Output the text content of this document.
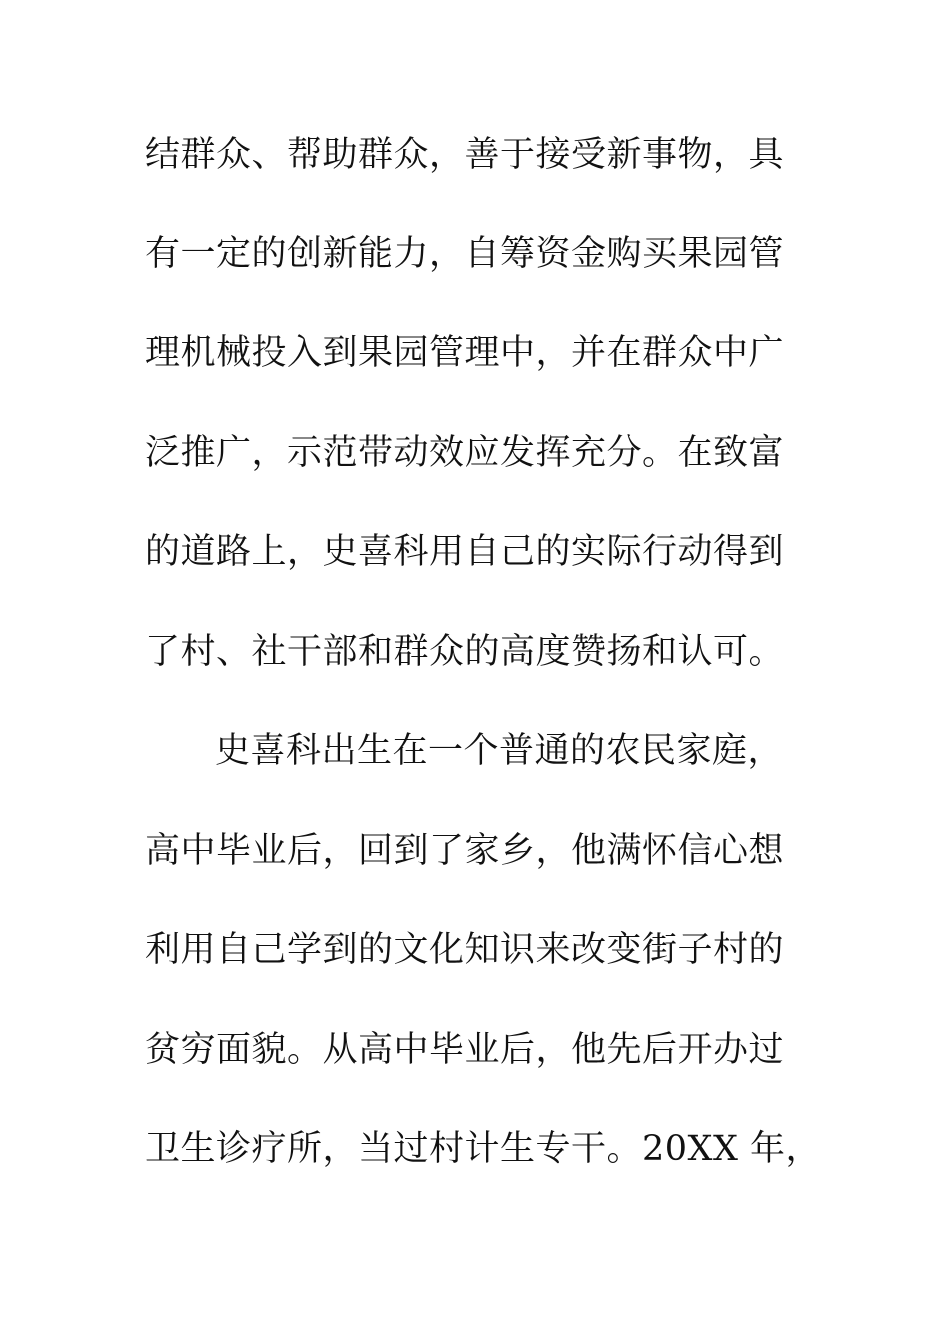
结群众、帮助群众，善于接受新事物，具
有一定的创新能力，自筹资金购买果园管
理机械投入到果园管理中，并在群众中广
泛推广，示范带动效应发挥充分。在致富
的道路上，史喜科用自己的实际行动得到
了村、社干部和群众的高度赞扬和认可。
史喜科出生在一个普通的农民家庭，
高中毕业后，回到了家乡，他满怀信心想
利用自己学到的文化知识来改变街子村的
贫穷面貌。从高中毕业后，他先后开办过
卫生诊疗所，当过村计生专干。20XX 年，
